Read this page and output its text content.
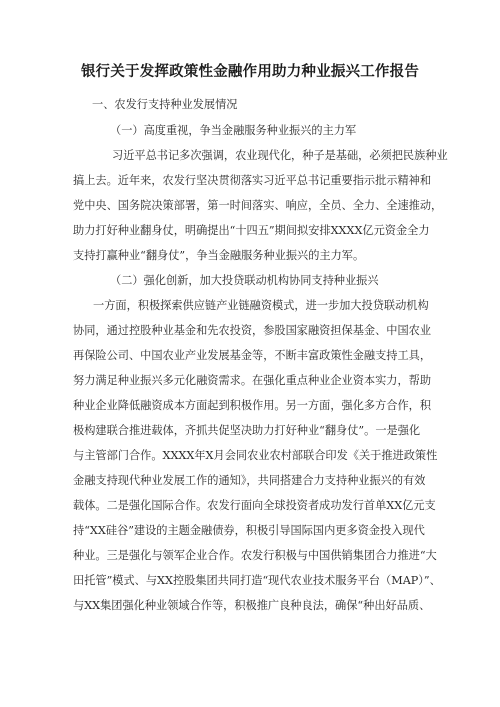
银行关于发挥政策性金融作用助力种业振兴工作报告
一、农发行支持种业发展情况
（一）高度重视，争当金融服务种业振兴的主力军
习近平总书记多次强调，农业现代化，种子是基础，必须把民族种业
搞上去。近年来，农发行坚决贯彻落实习近平总书记重要指示批示精神和
党中央、国务院决策部署，第一时间落实、响应，全员、全力、全速推动，
助力打好种业翻身仗，明确提出“十四五”期间拟安排XXXX亿元资金全力
支持打赢种业“翻身仗”，争当金融服务种业振兴的主力军。
（二）强化创新，加大投贷联动机构协同支持种业振兴
一方面，积极探索供应链产业链融资模式，进一步加大投贷联动机构
协同，通过控股种业基金和先农投资，参股国家融资担保基金、中国农业
再保险公司、中国农业产业发展基金等，不断丰富政策性金融支持工具，
努力满足种业振兴多元化融资需求。在强化重点种业企业资本实力，帮助
种业企业降低融资成本方面起到积极作用。另一方面，强化多方合作，积
极构建联合推进载体，齐抓共促坚决助力打好种业“翻身仗”。一是强化
与主管部门合作。XXXX年X月会同农业农村部联合印发《关于推进政策性
金融支持现代种业发展工作的通知》，共同搭建合力支持种业振兴的有效
载体。二是强化国际合作。农发行面向全球投资者成功发行首单XX亿元支
持“XX硅谷”建设的主题金融债券，积极引导国际国内更多资金投入现代
种业。三是强化与领军企业合作。农发行积极与中国供销集团合力推进“大
田托管”模式、与XX控股集团共同打造“现代农业技术服务平台（MAP）”、
与XX集团强化种业领域合作等，积极推广良种良法，确保“种出好品质、
